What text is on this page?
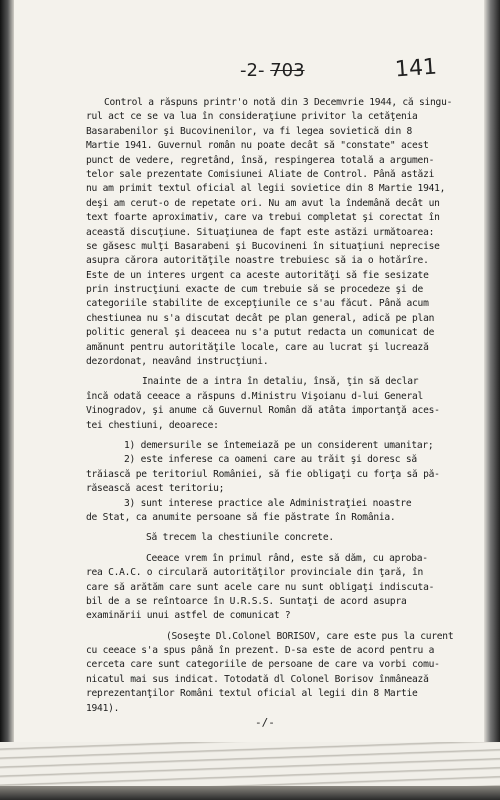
-2- 703	141
Control a răspuns printr'o notă din 3 Decemvrie 1944, că singu-
rul act ce se va lua în consideraţiune privitor la cetăţenia
Basarabenilor şi Bucovinenilor, va fi legea sovietică din 8
Martie 1941. Guvernul român nu poate decât să "constate" acest
punct de vedere, regretând, însă, respingerea totală a argumen-
telor sale prezentate Comisiunei Aliate de Control. Până astăzi
nu am primit textul oficial al legii sovietice din 8 Martie 1941,
deşi am cerut-o de repetate ori. Nu am avut la îndemână decât un
text foarte aproximativ, care va trebui completat şi corectat în
această discuţiune. Situaţiunea de fapt este astăzi următoarea:
se găsesc mulţi Basarabeni şi Bucovineni în situaţiuni neprecise
asupra cărora autorităţile noastre trebuiesc să ia o hotărîre.
Este de un interes urgent ca aceste autorităţi să fie sesizate
prin instrucţiuni exacte de cum trebuie să se procedeze şi de
categoriile stabilite de excepţiunile ce s'au făcut. Până acum
chestiunea nu s'a discutat decât pe plan general, adică pe plan
politic general şi deaceea nu s'a putut redacta un comunicat de
amănunt pentru autorităţile locale, care au lucrat şi lucrează
dezordonat, neavând instrucţiuni.
Inainte de a intra în detaliu, însă, ţin să declar
încă odată ceeace a răspuns d.Ministru Vişoianu d-lui General
Vinogradov, şi anume că Guvernul Român dă atâta importanţă aces-
tei chestiuni, deoarece:
1) demersurile se întemeiază pe un considerent umanitar;
2) este inferese ca oameni care au trăit şi doresc să
trăiască pe teritoriul României, să fie obligaţi cu forţa să pă-
răsească acest teritoriu;
3) sunt interese practice ale Administraţiei noastre
de Stat, ca anumite persoane să fie păstrate în România.
Să trecem la chestiunile concrete.
Ceeace vrem în primul rând, este să dăm, cu aproba-
rea C.A.C. o circulară autorităţilor provinciale din ţară, în
care să arătăm care sunt acele care nu sunt obligaţi indiscuta-
bil de a se reîntoarce în U.R.S.S. Suntaţi de acord asupra
examinării unui astfel de comunicat ?
(Soseşte Dl.Colonel BORISOV, care este pus la curent
cu ceeace s'a spus până în prezent. D-sa este de acord pentru a
cerceta care sunt categoriile de persoane de care va vorbi comu-
nicatul mai sus indicat. Totodată dl Colonel Borisov înmânează
reprezentanţilor Români textul oficial al legii din 8 Martie
1941).
-/-
